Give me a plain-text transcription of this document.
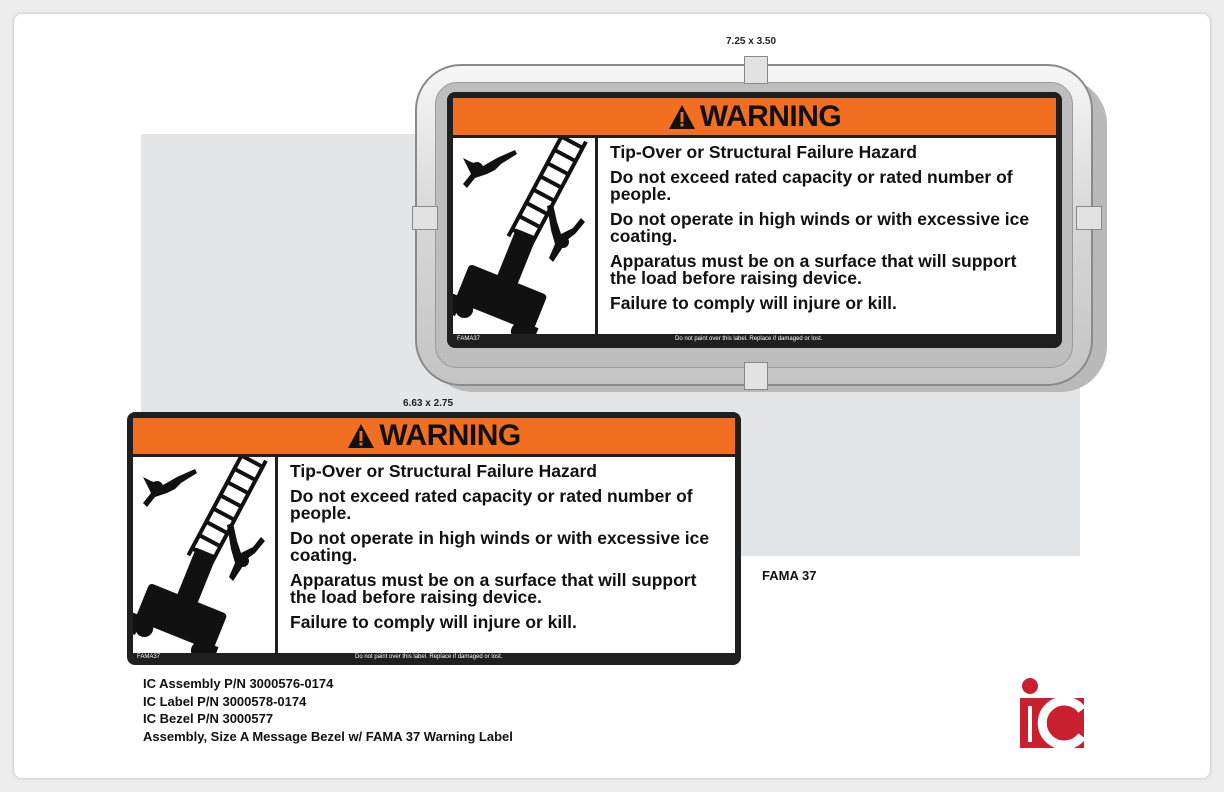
7.25 x 3.50
WARNING

Tip-Over or Structural Failure Hazard

Do not exceed rated capacity or rated number of people.

Do not operate in high winds or with excessive ice coating.

Apparatus must be on a surface that will support the load before raising device.

Failure to comply will injure or kill.

FAMA37	Do not paint over this label. Replace if damaged or lost.
6.63 x 2.75
WARNING

Tip-Over or Structural Failure Hazard

Do not exceed rated capacity or rated number of people.

Do not operate in high winds or with excessive ice coating.

Apparatus must be on a surface that will support the load before raising device.

Failure to comply will injure or kill.

FAMA37	Do not paint over this label. Replace if damaged or lost.
FAMA 37
IC Assembly P/N 3000576-0174
IC Label P/N 3000578-0174
IC Bezel P/N 3000577
Assembly, Size A Message Bezel w/ FAMA 37 Warning Label
